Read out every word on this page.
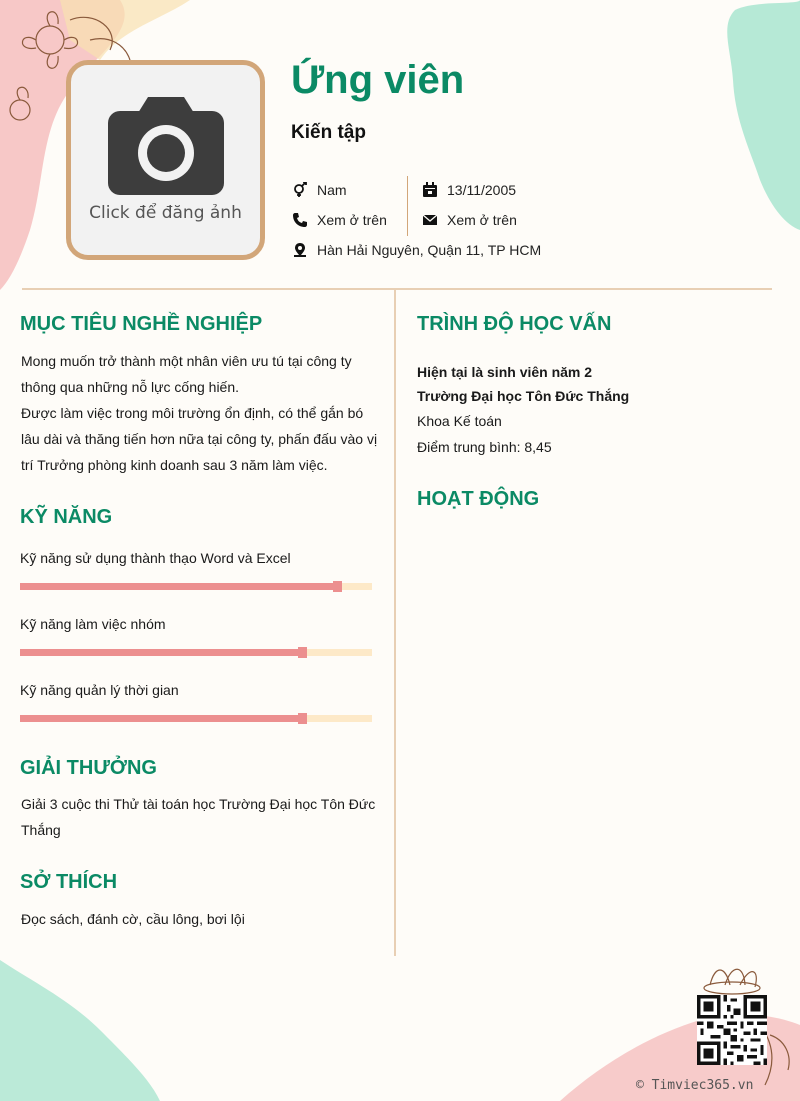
Click để đăng ảnh
Ứng viên
Kiến tập
Nam
Xem ở trên
Hàn Hải Nguyên, Quận 11, TP HCM
13/11/2005
Xem ở trên
MỤC TIÊU NGHỀ NGHIỆP
Mong muốn trở thành một nhân viên ưu tú tại công ty
thông qua những nỗ lực cống hiến.
Được làm việc trong môi trường ổn định, có thể gắn bó
lâu dài và thăng tiến hơn nữa tại công ty, phấn đấu vào vị
trí Trưởng phòng kinh doanh sau 3 năm làm việc.
KỸ NĂNG
Kỹ năng sử dụng thành thạo Word và Excel
Kỹ năng làm việc nhóm
Kỹ năng quản lý thời gian
GIẢI THƯỞNG
Giải 3 cuộc thi Thử tài toán học Trường Đại học Tôn Đức
Thắng
SỞ THÍCH
Đọc sách, đánh cờ, cầu lông, bơi lội
TRÌNH ĐỘ HỌC VẤN
Hiện tại là sinh viên năm 2
Trường Đại học Tôn Đức Thắng
Khoa Kế toán
Điểm trung bình: 8,45
HOẠT ĐỘNG
© Timviec365.vn
